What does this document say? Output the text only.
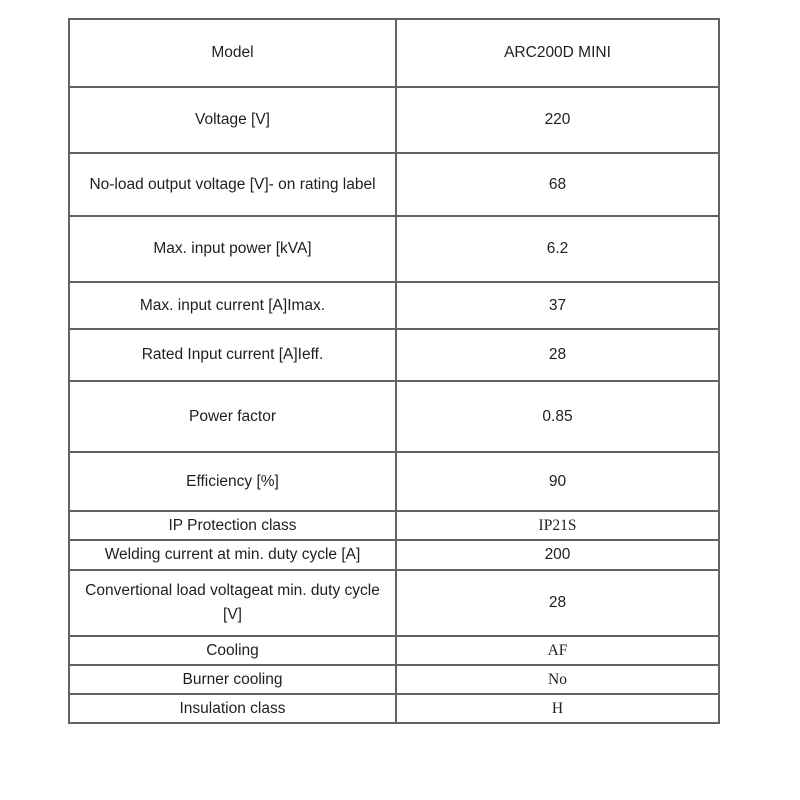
Model	ARC200D MINI
Voltage [V]	220
No-load output voltage [V]- on rating label	68
Max. input power [kVA]	6.2
Max. input current [A]Imax.	37
Rated Input current [A]Ieff.	28
Power factor	0.85
Efficiency [%]	90
IP Protection class	IP21S
Welding current at min. duty cycle [A]	200
Convertional load voltageat min. duty cycle [V]	28
Cooling	AF
Burner cooling	No
Insulation class	H
